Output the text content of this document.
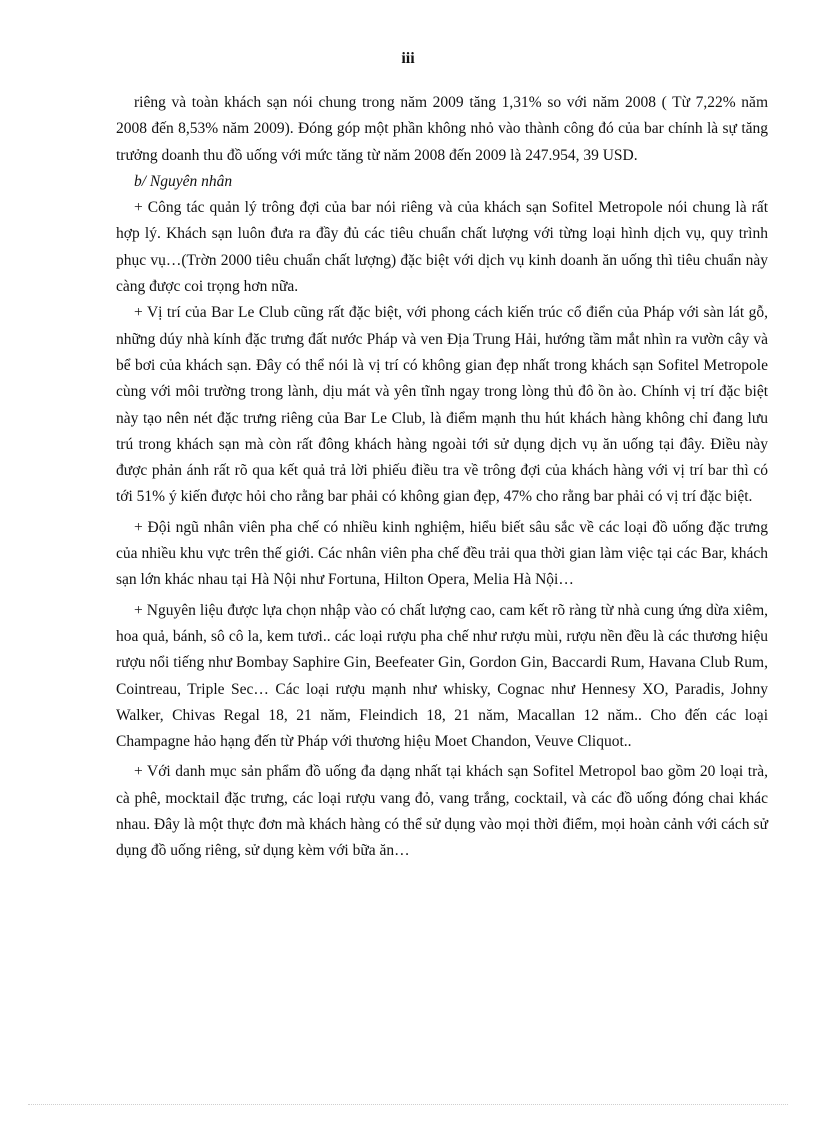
iii

riêng và toàn khách sạn nói chung trong năm 2009 tăng 1,31% so với năm 2008 ( Từ 7,22% năm 2008 đến 8,53% năm 2009). Đóng góp một phần không nhỏ vào thành công đó của bar chính là sự tăng trưởng doanh thu đồ uống với mức tăng từ năm 2008 đến 2009 là 247.954, 39 USD.

b/ Nguyên nhân

+ Công tác quản lý trông đợi của bar nói riêng và của khách sạn Sofitel Metropole nói chung là rất hợp lý. Khách sạn luôn đưa ra đầy đủ các tiêu chuẩn chất lượng với từng loại hình dịch vụ, quy trình phục vụ…(Trờn 2000 tiêu chuẩn chất lượng) đặc biệt với dịch vụ kinh doanh ăn uống thì tiêu chuẩn này càng được coi trọng hơn nữa.

+ Vị trí của Bar Le Club cũng rất đặc biệt, với phong cách kiến trúc cổ điển của Pháp với sàn lát gỗ, những dúy nhà kính đặc trưng đất nước Pháp và ven Địa Trung Hải, hướng tầm mắt nhìn ra vườn cây và bể bơi của khách sạn. Đây có thể nói là vị trí có không gian đẹp nhất trong khách sạn Sofitel Metropole cùng với môi trường trong lành, dịu mát và yên tĩnh ngay trong lòng thủ đô ồn ào. Chính vị trí đặc biệt này tạo nên nét đặc trưng riêng của Bar Le Club, là điểm mạnh thu hút khách hàng không chỉ đang lưu trú trong khách sạn mà còn rất đông khách hàng ngoài tới sử dụng dịch vụ ăn uống tại đây. Điều này được phản ánh rất rõ qua kết quả trả lời phiếu điều tra về trông đợi của khách hàng với vị trí bar thì có tới 51% ý kiến được hỏi cho rằng bar phải có không gian đẹp, 47% cho rằng bar phải có vị trí đặc biệt.

+ Đội ngũ nhân viên pha chế có nhiều kinh nghiệm, hiểu biết sâu sắc về các loại đồ uống đặc trưng của nhiều khu vực trên thế giới. Các nhân viên pha chế đều trải qua thời gian làm việc tại các Bar, khách sạn lớn khác nhau tại Hà Nội như Fortuna, Hilton Opera, Melia Hà Nội…

+ Nguyên liệu được lựa chọn nhập vào có chất lượng cao, cam kết rõ ràng từ nhà cung ứng dừa xiêm, hoa quả, bánh, sô cô la, kem tươi.. các loại rượu pha chế như rượu mùi, rượu nền đều là các thương hiệu rượu nổi tiếng như Bombay Saphire Gin, Beefeater Gin, Gordon Gin, Baccardi Rum, Havana Club Rum, Cointreau, Triple Sec… Các loại rượu mạnh như whisky, Cognac như Hennesy XO, Paradis, Johny Walker, Chivas Regal 18, 21 năm, Fleindich 18, 21 năm, Macallan 12 năm.. Cho đến các loại Champagne hảo hạng đến từ Pháp với thương hiệu Moet Chandon, Veuve Cliquot..

+ Với danh mục sản phẩm đồ uống đa dạng nhất tại khách sạn Sofitel Metropol bao gồm 20 loại trà, cà phê, mocktail đặc trưng, các loại rượu vang đỏ, vang trắng, cocktail, và các đồ uống đóng chai khác nhau. Đây là một thực đơn mà khách hàng có thể sử dụng vào mọi thời điểm, mọi hoàn cảnh với cách sử dụng đồ uống riêng, sử dụng kèm với bữa ăn…
